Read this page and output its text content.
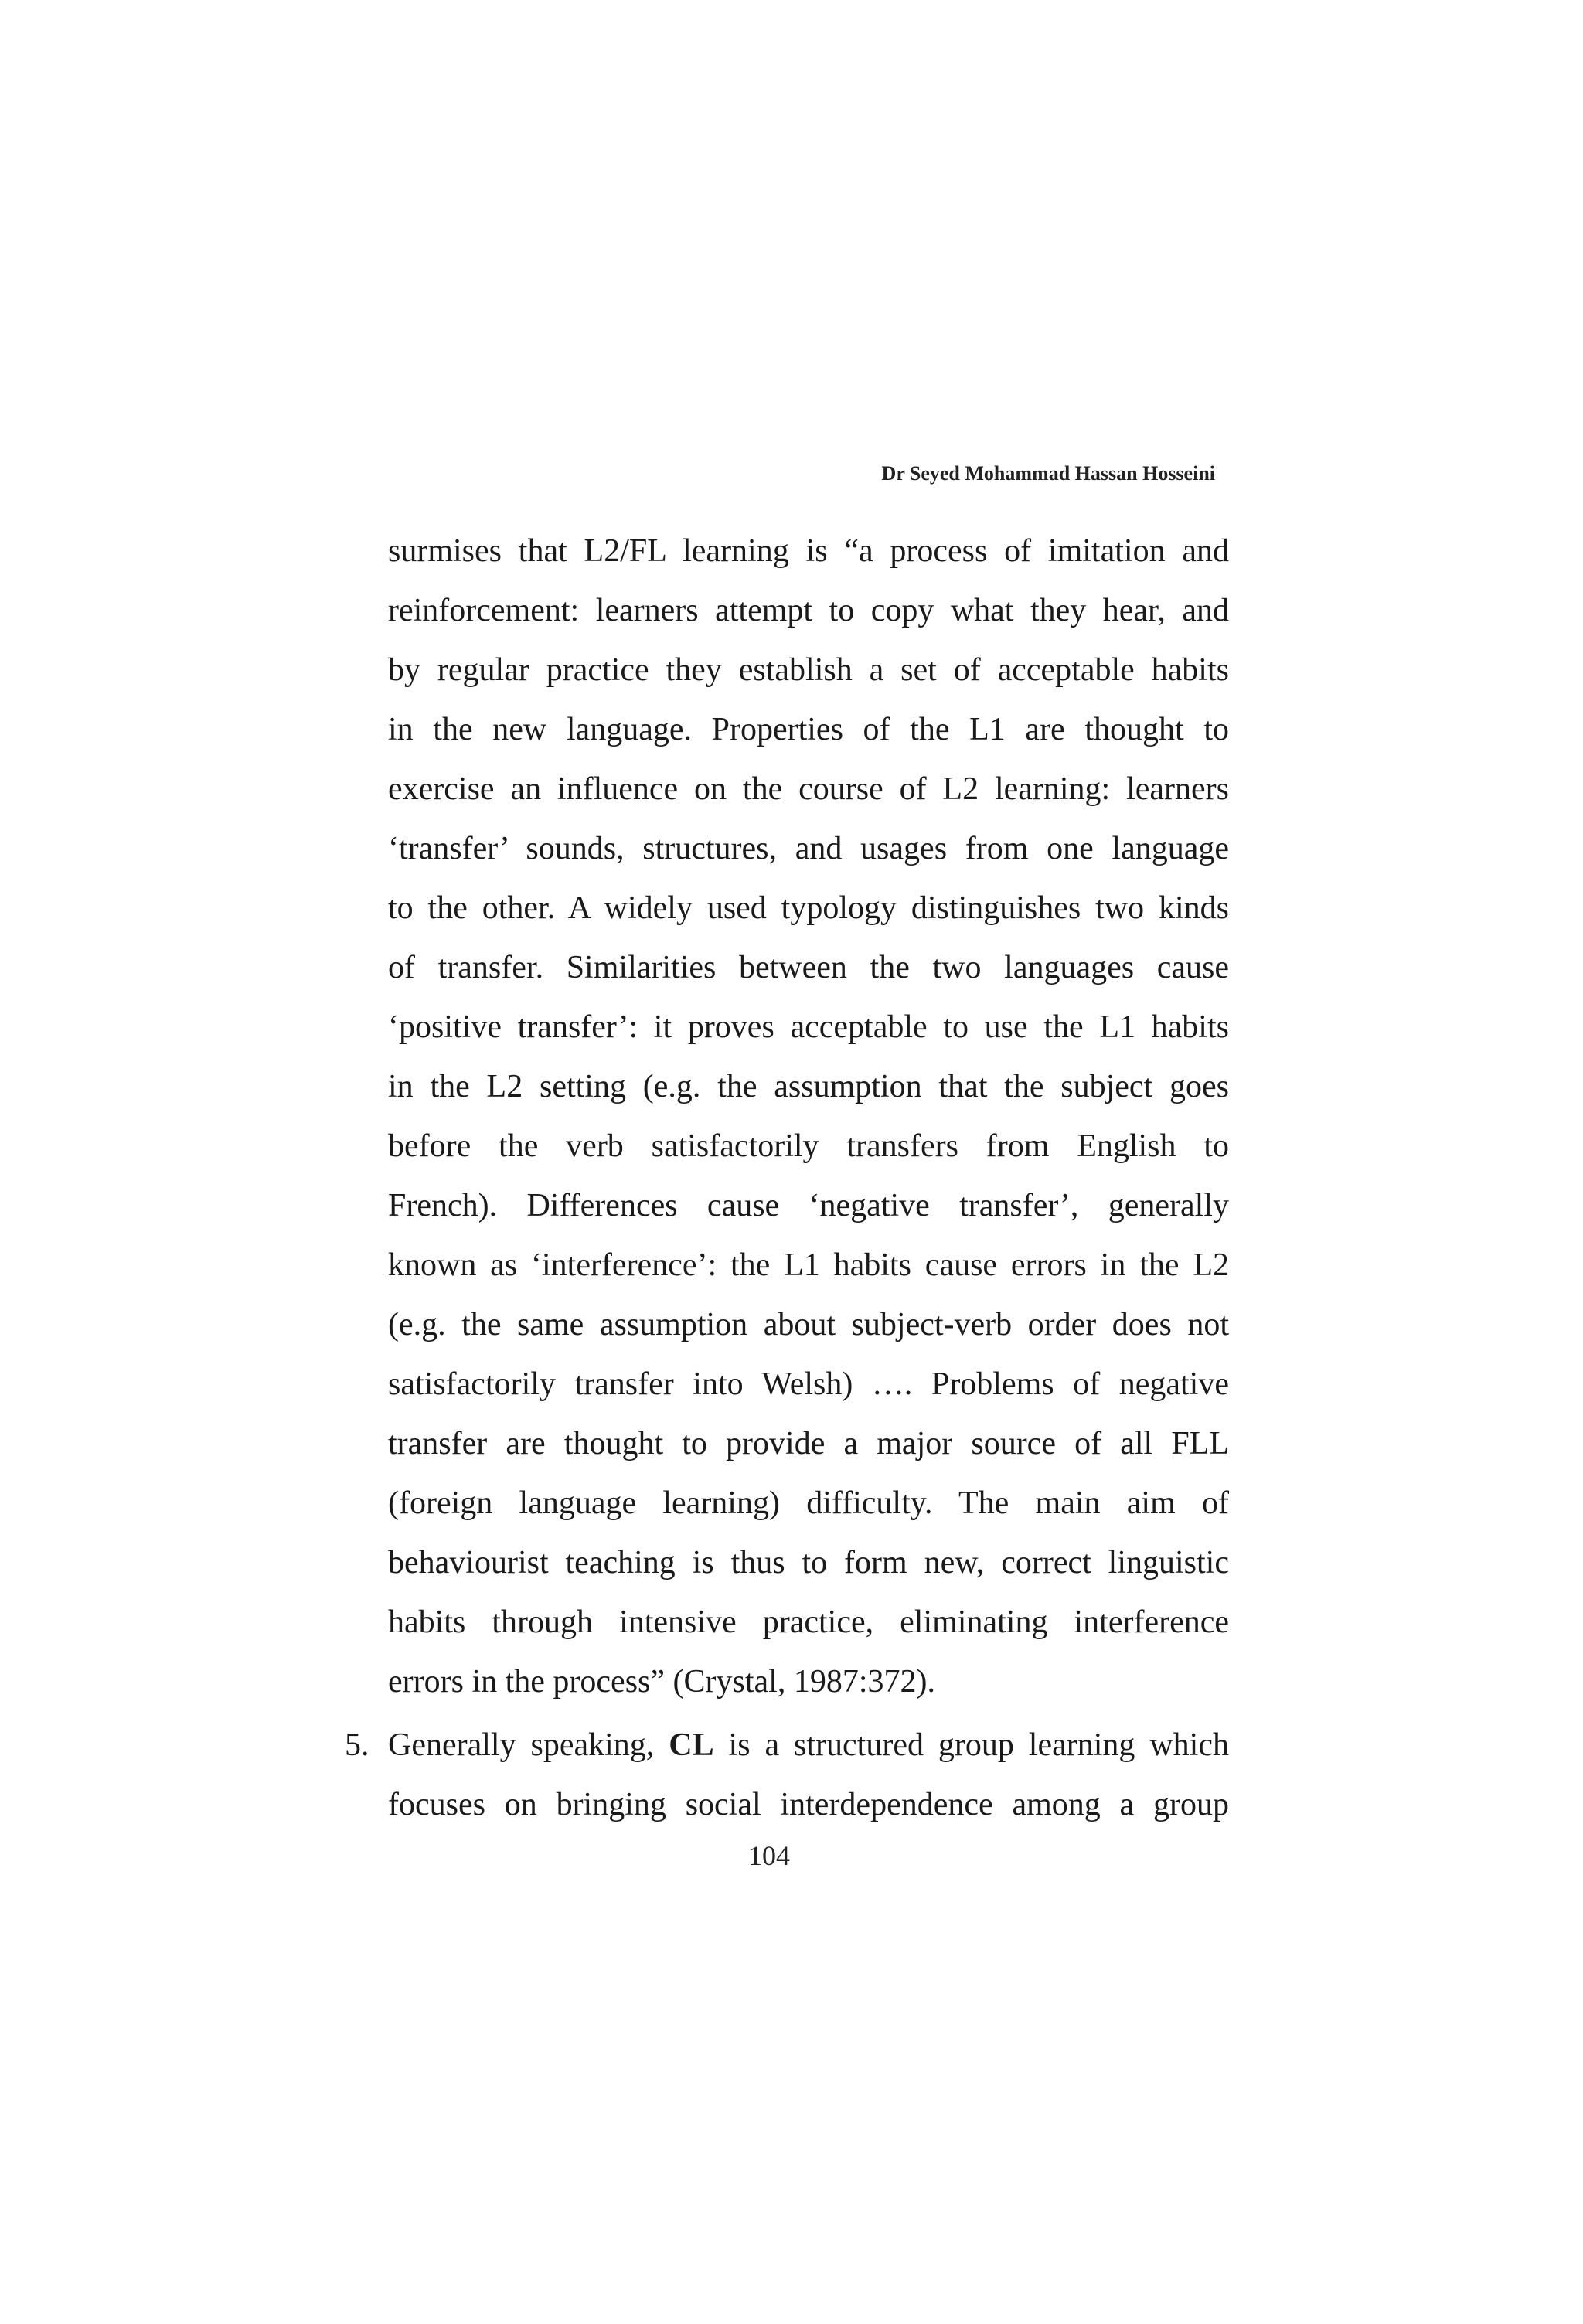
Dr Seyed Mohammad Hassan Hosseini
surmises that L2/FL learning is “a process of imitation and
reinforcement: learners attempt to copy what they hear, and
by regular practice they establish a set of acceptable habits
in the new language. Properties of the L1 are thought to
exercise an influence on the course of L2 learning: learners
‘transfer’ sounds, structures, and usages from one language
to the other. A widely used typology distinguishes two kinds
of transfer. Similarities between the two languages cause
‘positive transfer’: it proves acceptable to use the L1 habits
in the L2 setting (e.g. the assumption that the subject goes
before the verb satisfactorily transfers from English to
French). Differences cause ‘negative transfer’, generally
known as ‘interference’: the L1 habits cause errors in the L2
(e.g. the same assumption about subject-verb order does not
satisfactorily transfer into Welsh) …. Problems of negative
transfer are thought to provide a major source of all FLL
(foreign language learning) difficulty. The main aim of
behaviourist teaching is thus to form new, correct linguistic
habits through intensive practice, eliminating interference
errors in the process” (Crystal, 1987:372).
5. Generally speaking, CL is a structured group learning which
focuses on bringing social interdependence among a group
104
